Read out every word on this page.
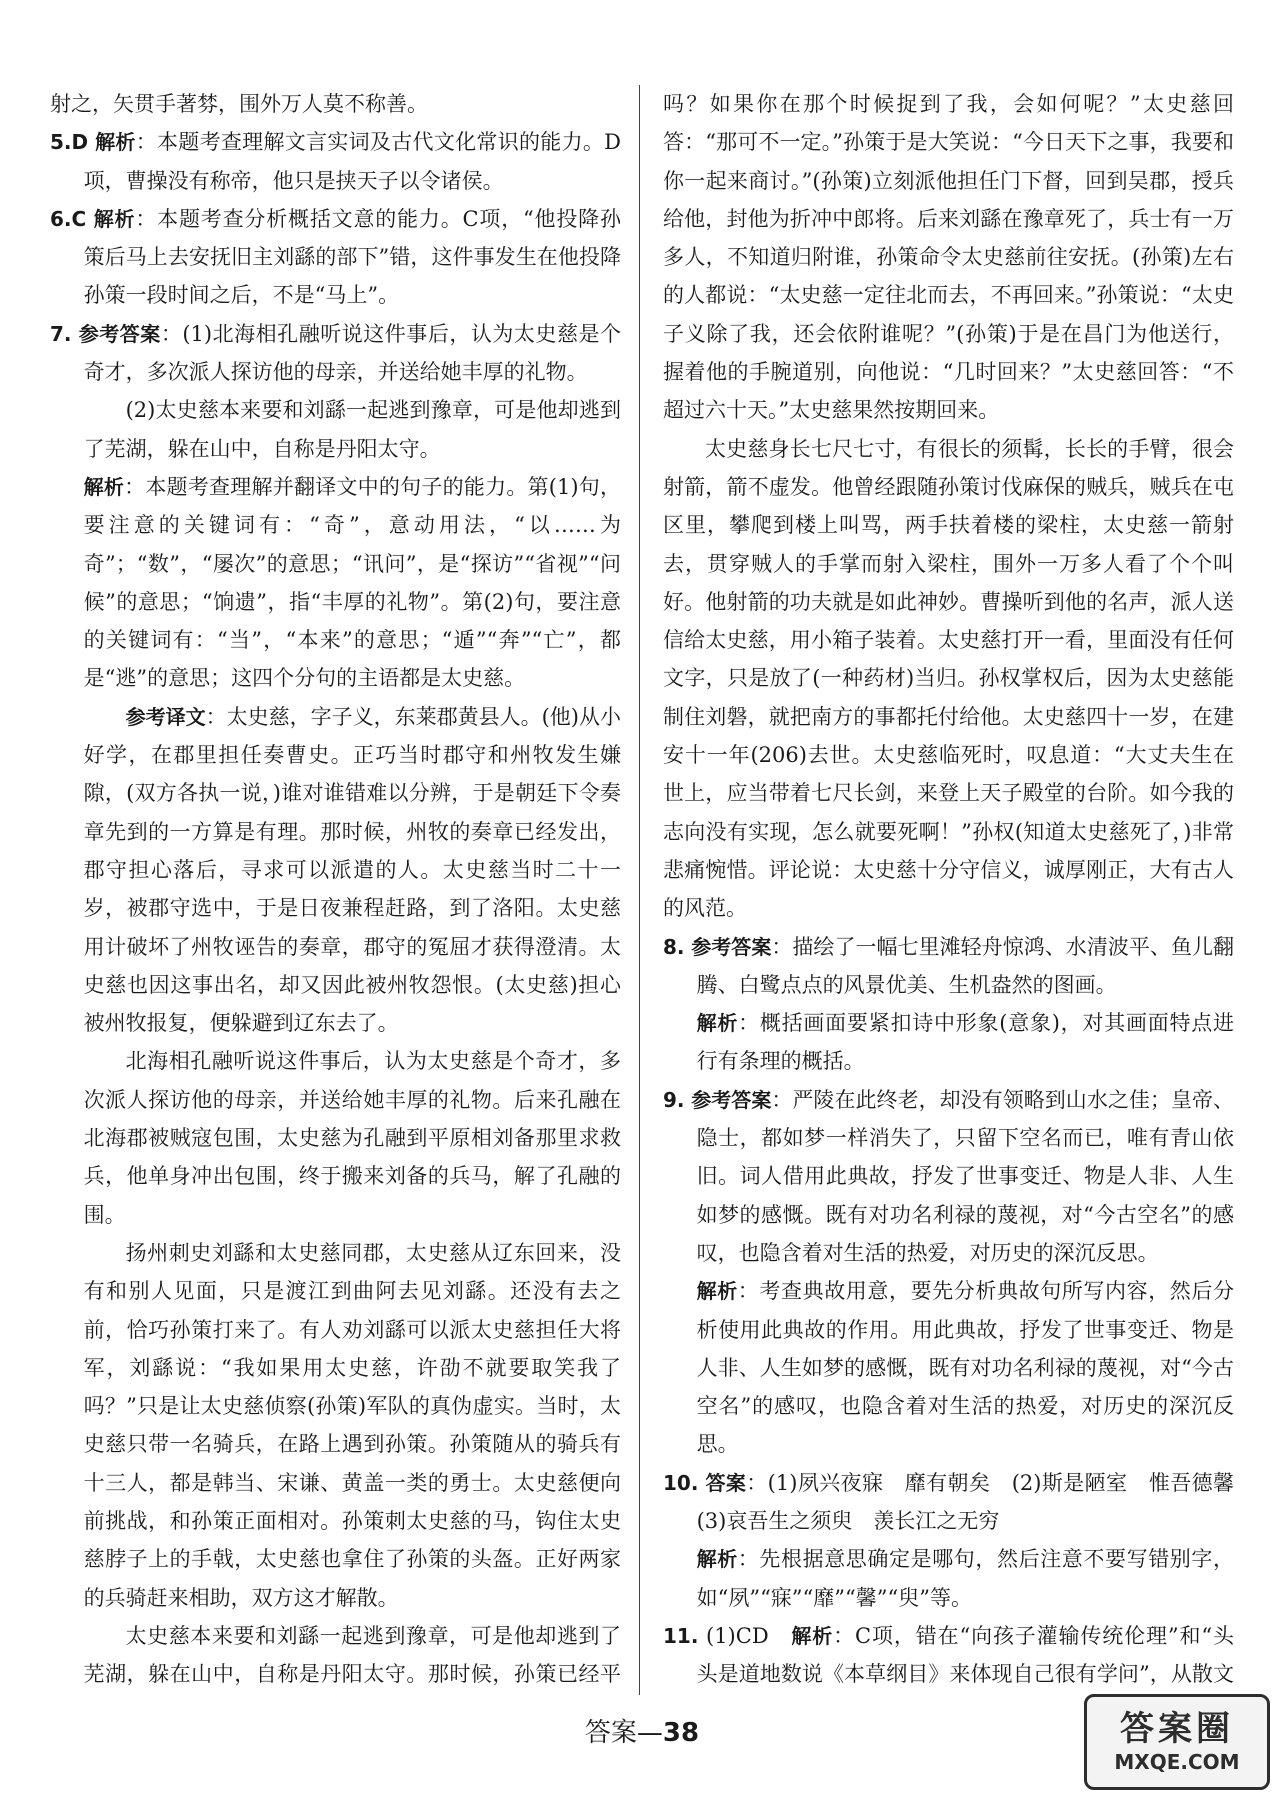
射之，矢贯手著棼，围外万人莫不称善。

5.D 解析：本题考查理解文言实词及古代文化常识的能力。D项，曹操没有称帝，他只是挟天子以令诸侯。

6.C 解析：本题考查分析概括文意的能力。C项，“他投降孙策后马上去安抚旧主刘繇的部下”错，这件事发生在他投降孙策一段时间之后，不是“马上”。

7. 参考答案：(1)北海相孔融听说这件事后，认为太史慈是个奇才，多次派人探访他的母亲，并送给她丰厚的礼物。

(2)太史慈本来要和刘繇一起逃到豫章，可是他却逃到了芜湖，躲在山中，自称是丹阳太守。

解析：本题考查理解并翻译文中的句子的能力。第(1)句，要注意的关键词有：“奇”，意动用法，“以……为奇”；“数”，“屡次”的意思；“讯问”，是“探访”“省视”“问候”的意思；“饷遗”，指“丰厚的礼物”。第(2)句，要注意的关键词有：“当”，“本来”的意思；“遁”“奔”“亡”，都是“逃”的意思；这四个分句的主语都是太史慈。

参考译文：太史慈，字子义，东莱郡黄县人。(他)从小好学，在郡里担任奏曹史。正巧当时郡守和州牧发生嫌隙，(双方各执一说，)谁对谁错难以分辨，于是朝廷下令奏章先到的一方算是有理。那时候，州牧的奏章已经发出，郡守担心落后，寻求可以派遣的人。太史慈当时二十一岁，被郡守选中，于是日夜兼程赶路，到了洛阳。太史慈用计破坏了州牧诬告的奏章，郡守的冤屈才获得澄清。太史慈也因这事出名，却又因此被州牧怨恨。(太史慈)担心被州牧报复，便躲避到辽东去了。

北海相孔融听说这件事后，认为太史慈是个奇才，多次派人探访他的母亲，并送给她丰厚的礼物。后来孔融在北海郡被贼寇包围，太史慈为孔融到平原相刘备那里求救兵，他单身冲出包围，终于搬来刘备的兵马，解了孔融的围。

扬州刺史刘繇和太史慈同郡，太史慈从辽东回来，没有和别人见面，只是渡江到曲阿去见刘繇。还没有去之前，恰巧孙策打来了。有人劝刘繇可以派太史慈担任大将军，刘繇说：“我如果用太史慈，许劭不就要取笑我了吗？”只是让太史慈侦察(孙策)军队的真伪虚实。当时，太史慈只带一名骑兵，在路上遇到孙策。孙策随从的骑兵有十三人，都是韩当、宋谦、黄盖一类的勇士。太史慈便向前挑战，和孙策正面相对。孙策刺太史慈的马，钩住太史慈脖子上的手戟，太史慈也拿住了孙策的头盔。正好两家的兵骑赶来相助，双方这才解散。

太史慈本来要和刘繇一起逃到豫章，可是他却逃到了芜湖，躲在山中，自称是丹阳太守。那时候，孙策已经平

吗？如果你在那个时候捉到了我，会如何呢？”太史慈回答：“那可不一定。”孙策于是大笑说：“今日天下之事，我要和你一起来商讨。”(孙策)立刻派他担任门下督，回到吴郡，授兵给他，封他为折冲中郎将。后来刘繇在豫章死了，兵士有一万多人，不知道归附谁，孙策命令太史慈前往安抚。(孙策)左右的人都说：“太史慈一定往北而去，不再回来。”孙策说：“太史子义除了我，还会依附谁呢？”(孙策)于是在昌门为他送行，握着他的手腕道别，向他说：“几时回来？”太史慈回答：“不超过六十天。”太史慈果然按期回来。

太史慈身长七尺七寸，有很长的须髯，长长的手臂，很会射箭，箭不虚发。他曾经跟随孙策讨伐麻保的贼兵，贼兵在屯区里，攀爬到楼上叫骂，两手扶着楼的梁柱，太史慈一箭射去，贯穿贼人的手掌而射入梁柱，围外一万多人看了个个叫好。他射箭的功夫就是如此神妙。曹操听到他的名声，派人送信给太史慈，用小箱子装着。太史慈打开一看，里面没有任何文字，只是放了(一种药材)当归。孙权掌权后，因为太史慈能制住刘磐，就把南方的事都托付给他。太史慈四十一岁，在建安十一年(206)去世。太史慈临死时，叹息道：“大丈夫生在世上，应当带着七尺长剑，来登上天子殿堂的台阶。如今我的志向没有实现，怎么就要死啊！”孙权(知道太史慈死了，)非常悲痛惋惜。评论说：太史慈十分守信义，诚厚刚正，大有古人的风范。

8. 参考答案：描绘了一幅七里滩轻舟惊鸿、水清波平、鱼儿翻腾、白鹭点点的风景优美、生机盎然的图画。

解析：概括画面要紧扣诗中形象(意象)，对其画面特点进行有条理的概括。

9. 参考答案：严陵在此终老，却没有领略到山水之佳；皇帝、隐士，都如梦一样消失了，只留下空名而已，唯有青山依旧。词人借用此典故，抒发了世事变迁、物是人非、人生如梦的感慨。既有对功名利禄的蔑视，对“今古空名”的感叹，也隐含着对生活的热爱，对历史的深沉反思。

解析：考查典故用意，要先分析典故句所写内容，然后分析使用此典故的作用。用此典故，抒发了世事变迁、物是人非、人生如梦的感慨，既有对功名利禄的蔑视，对“今古空名”的感叹，也隐含着对生活的热爱，对历史的深沉反思。

10. 答案：(1)夙兴夜寐　靡有朝矣　(2)斯是陋室　惟吾德馨　(3)哀吾生之须臾　羡长江之无穷

解析：先根据意思确定是哪句，然后注意不要写错别字，如“夙”“寐”“靡”“馨”“臾”等。

11. (1)CD　解析：C项，错在“向孩子灌输传统伦理”和“头头是道地数说《本草纲目》来体现自己很有学问”，从散文

答案—38	答案圈
MXQE.COM
